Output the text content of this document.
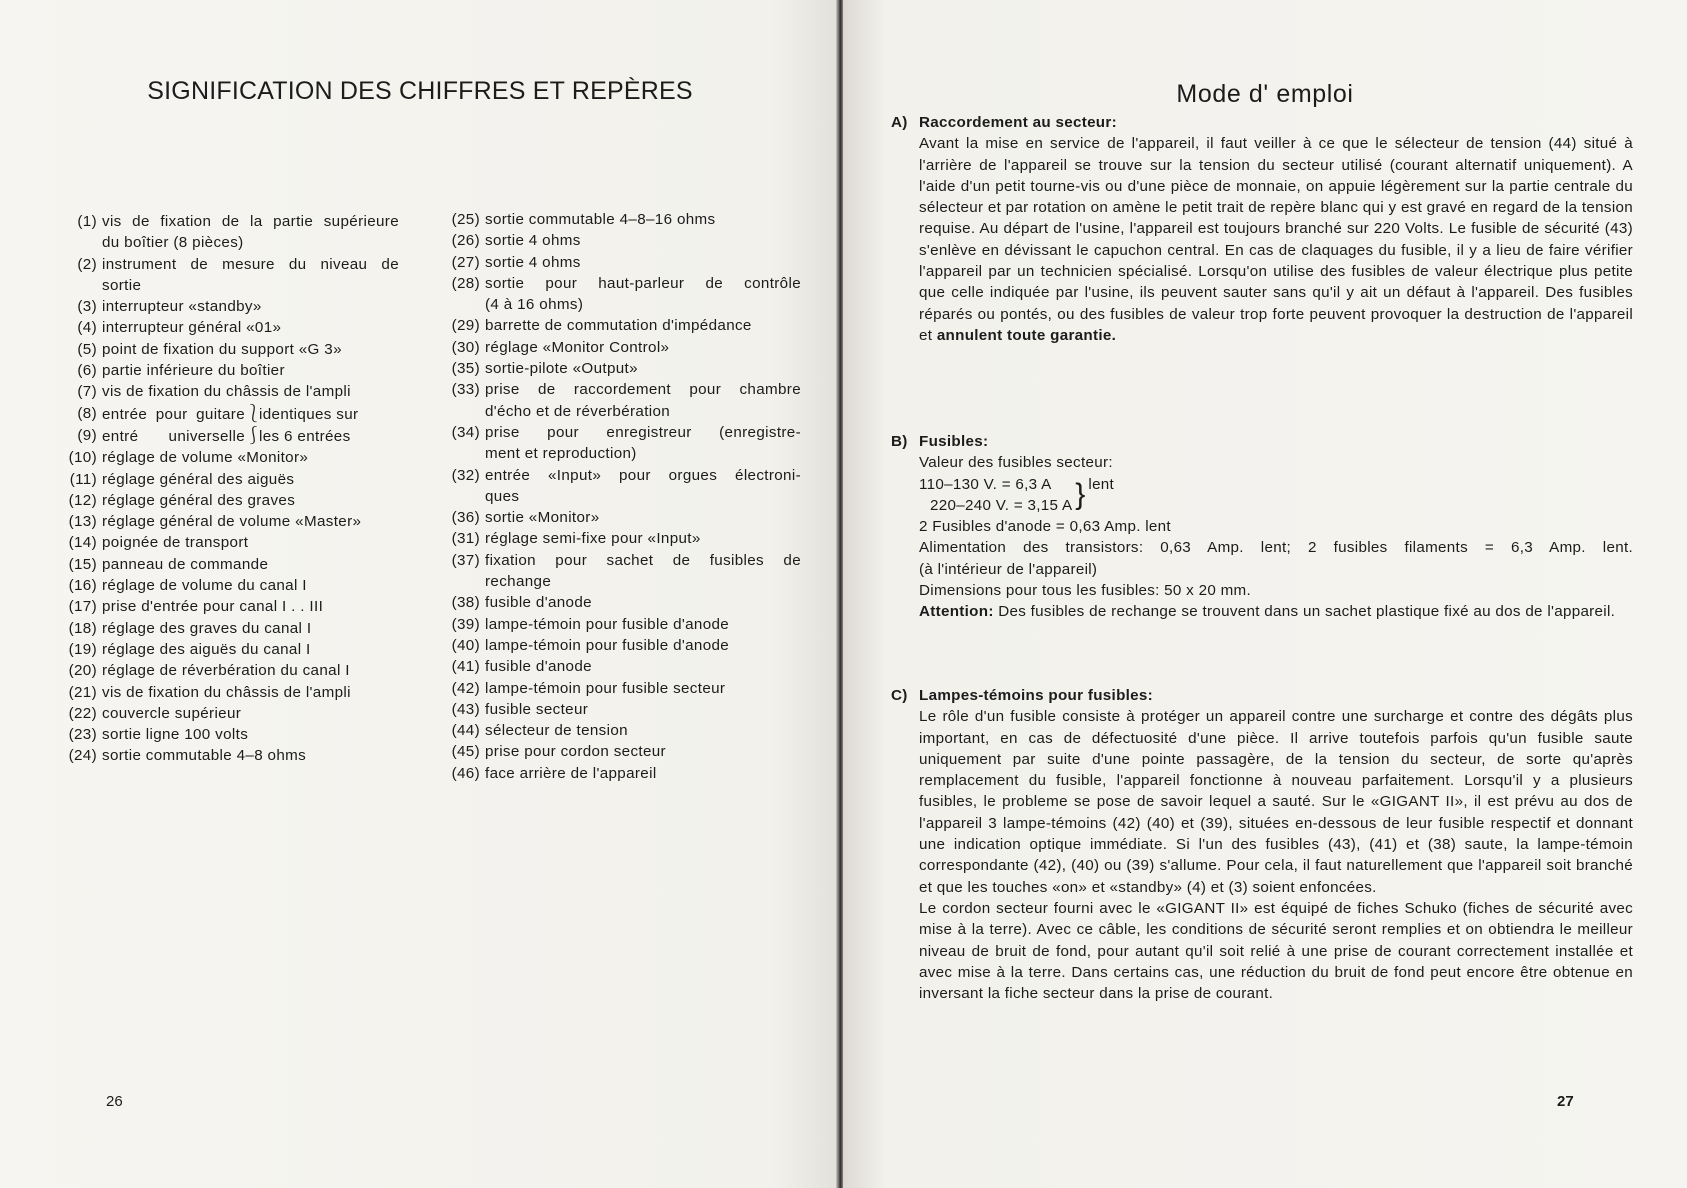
SIGNIFICATION DES CHIFFRES ET REPÈRES
(1) vis de fixation de la partie supérieure
du boîtier (8 pièces)
(2) instrument de mesure du niveau de
sortie
(3) interrupteur «standby»
(4) interrupteur général «01»
(5) point de fixation du support «G 3»
(6) partie inférieure du boîtier
(7) vis de fixation du châssis de l'ampli
(8) entrée pour guitare ⎱
identiques sur
(9) entré universelle ⎰
les 6 entrées
(10) réglage de volume «Monitor»
(11) réglage général des aiguës
(12) réglage général des graves
(13) réglage général de volume «Master»
(14) poignée de transport
(15) panneau de commande
(16) réglage de volume du canal I
(17) prise d'entrée pour canal I . . III
(18) réglage des graves du canal I
(19) réglage des aiguës du canal I
(20) réglage de réverbération du canal I
(21) vis de fixation du châssis de l'ampli
(22) couvercle supérieur
(23) sortie ligne 100 volts
(24) sortie commutable 4–8 ohms
(25) sortie commutable 4–8–16 ohms
(26) sortie 4 ohms
(27) sortie 4 ohms
(28) sortie pour haut-parleur de contrôle
(4 à 16 ohms)
(29) barrette de commutation d'impédance
(30) réglage «Monitor Control»
(35) sortie-pilote «Output»
(33) prise de raccordement pour chambre
d'écho et de réverbération
(34) prise pour enregistreur (enregistre-
ment et reproduction)
(32) entrée «Input» pour orgues électroni-
ques
(36) sortie «Monitor»
(31) réglage semi-fixe pour «Input»
(37) fixation pour sachet de fusibles de
rechange
(38) fusible d'anode
(39) lampe-témoin pour fusible d'anode
(40) lampe-témoin pour fusible d'anode
(41) fusible d'anode
(42) lampe-témoin pour fusible secteur
(43) fusible secteur
(44) sélecteur de tension
(45) prise pour cordon secteur
(46) face arrière de l'appareil
26
Mode d' emploi
A) Raccordement au secteur:

Avant la mise en service de l'appareil, il faut veiller à ce que le sélecteur de tension (44) situé à l'arrière de l'appareil se trouve sur la tension du secteur utilisé (courant alternatif uniquement). A l'aide d'un petit tourne-vis ou d'une pièce de monnaie, on appuie légèrement sur la partie centrale du sélecteur et par rotation on amène le petit trait de repère blanc qui y est gravé en regard de la tension requise. Au départ de l'usine, l'appareil est toujours branché sur 220 Volts. Le fusible de sécurité (43) s'enlève en dévissant le capuchon central. En cas de claquages du fusible, il y a lieu de faire vérifier l'appareil par un technicien spécialisé. Lorsqu'on utilise des fusibles de valeur électrique plus petite que celle indiquée par l'usine, ils peuvent sauter sans qu'il y ait un défaut à l'appareil. Des fusibles réparés ou pontés, ou des fusibles de valeur trop forte peuvent provoquer la destruction de l'appareil et annulent toute garantie.

B) Fusibles:
Valeur des fusibles secteur:
110–130 V. = 6,3 A
220–240 V. = 3,15 A } lent
2 Fusibles d'anode = 0,63 Amp. lent
Alimentation des transistors: 0,63 Amp. lent; 2 fusibles filaments = 6,3 Amp. lent.
(à l'intérieur de l'appareil)
Dimensions pour tous les fusibles: 50 x 20 mm.

Attention: Des fusibles de rechange se trouvent dans un sachet plastique fixé au dos de l'appareil.

C) Lampes-témoins pour fusibles:

Le rôle d'un fusible consiste à protéger un appareil contre une surcharge et contre des dégâts plus important, en cas de défectuosité d'une pièce. Il arrive toutefois parfois qu'un fusible saute uniquement par suite d'une pointe passagère, de la tension du secteur, de sorte qu'après remplacement du fusible, l'appareil fonctionne à nouveau parfaitement. Lorsqu'il y a plusieurs fusibles, le probleme se pose de savoir lequel a sauté. Sur le «GIGANT II», il est prévu au dos de l'appareil 3 lampe-témoins (42) (40) et (39), situées en-dessous de leur fusible respectif et donnant une indication optique immédiate. Si l'un des fusibles (43), (41) et (38) saute, la lampe-témoin correspondante (42), (40) ou (39) s'allume. Pour cela, il faut naturellement que l'appareil soit branché et que les touches «on» et «standby» (4) et (3) soient enfoncées.

Le cordon secteur fourni avec le «GIGANT II» est équipé de fiches Schuko (fiches de sécurité avec mise à la terre). Avec ce câble, les conditions de sécurité seront remplies et on obtiendra le meilleur niveau de bruit de fond, pour autant qu'il soit relié à une prise de courant correctement installée et avec mise à la terre. Dans certains cas, une réduction du bruit de fond peut encore être obtenue en inversant la fiche secteur dans la prise de courant.

27
